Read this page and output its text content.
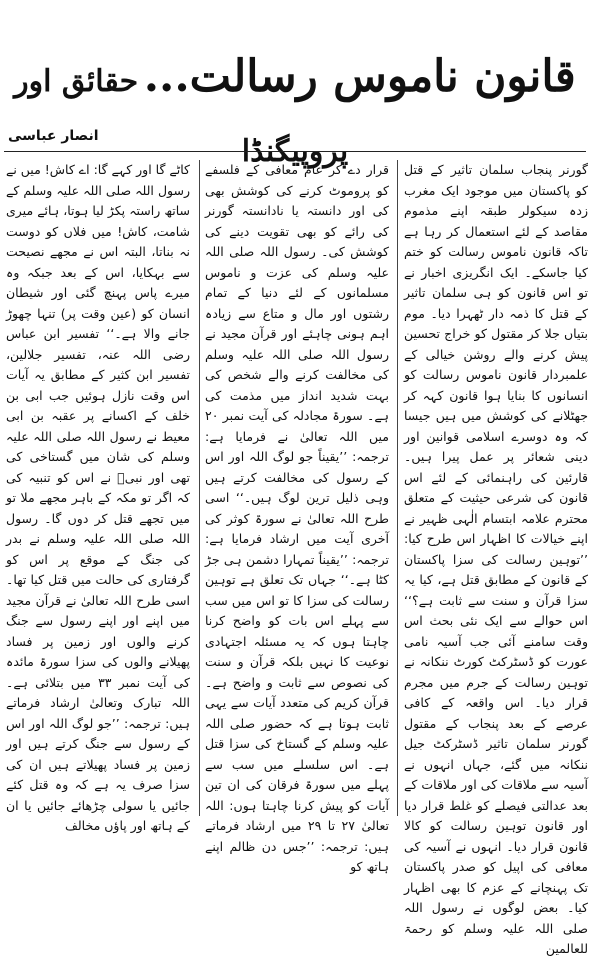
قانون ناموس رسالت... حقائق اور پروپیگنڈا
انصار عباسی

گورنر پنجاب سلمان تاثیر کے قتل کو پاکستان میں موجود ایک مغرب زدہ سیکولر طبقہ اپنے مذموم مقاصد کے لئے استعمال کر رہا ہے تاکہ قانون ناموس رسالت کو ختم کیا جاسکے۔ ایک انگریزی اخبار نے تو اس قانون کو ہی سلمان تاثیر کے قتل کا ذمہ دار ٹھہرا دیا۔ موم بتیاں جلا کر مقتول کو خراج تحسین پیش کرنے والے روشن خیالی کے علمبردار قانون ناموس رسالت کو انسانوں کا بنایا ہوا قانون کہہ کر جھٹلانے کی کوشش میں ہیں جیسا کہ وہ دوسرے اسلامی قوانین اور دینی شعائر پر عمل پیرا ہیں۔ قارئین کی راہنمائی کے لئے اس قانون کی شرعی حیثیت کے متعلق محترم علامہ ابتسام الٰہی ظہیر نے اپنے خیالات کا اظہار اس طرح کیا: ’’توہین رسالت کی سزا پاکستان کے قانون کے مطابق قتل ہے، کیا یہ سزا قرآن و سنت سے ثابت ہے؟‘‘ اس حوالے سے ایک نئی بحث اس وقت سامنے آئی جب آسیہ نامی عورت کو ڈسٹرکٹ کورٹ ننکانہ نے توہین رسالت کے جرم میں مجرم قرار دیا۔ اس واقعہ کے کافی عرصے کے بعد پنجاب کے مقتول گورنر سلمان تاثیر ڈسٹرکٹ جیل ننکانہ میں گئے، جہاں انہوں نے آسیہ سے ملاقات کی اور ملاقات کے بعد عدالتی فیصلے کو غلط قرار دیا اور قانون توہین رسالت کو کالا قانون قرار دیا۔ انہوں نے آسیہ کی معافی کی اپیل کو صدر پاکستان تک پہنچانے کے عزم کا بھی اظہار کیا۔ بعض لوگوں نے رسول اللہ صلی اللہ علیہ وسلم کو رحمۃ للعالمین

قرار دے کر عام معافی کے فلسفے کو پروموٹ کرنے کی کوشش بھی کی اور دانستہ یا نادانستہ گورنر کی رائے کو بھی تقویت دینے کی کوشش کی۔ رسول اللہ صلی اللہ علیہ وسلم کی عزت و ناموس مسلمانوں کے لئے دنیا کے تمام رشتوں اور مال و متاع سے زیادہ اہم ہونی چاہئے اور قرآن مجید نے رسول اللہ صلی اللہ علیہ وسلم کی مخالفت کرنے والے شخص کی بہت شدید انداز میں مذمت کی ہے۔ سورۃ مجادلہ کی آیت نمبر ۲۰ میں اللہ تعالیٰ نے فرمایا ہے: ترجمہ: ’’یقیناً جو لوگ اللہ اور اس کے رسول کی مخالفت کرتے ہیں وہی ذلیل ترین لوگ ہیں۔‘‘ اسی طرح اللہ تعالیٰ نے سورۃ کوثر کی آخری آیت میں ارشاد فرمایا ہے: ترجمہ: ’’یقیناً تمہارا دشمن ہی جڑ کٹا ہے۔‘‘ جہاں تک تعلق ہے توہین رسالت کی سزا کا تو اس میں سب سے پہلے اس بات کو واضح کرنا چاہتا ہوں کہ یہ مسئلہ اجتہادی نوعیت کا نہیں بلکہ قرآن و سنت کی نصوص سے ثابت و واضح ہے۔ قرآن کریم کی متعدد آیات سے یہی ثابت ہوتا ہے کہ حضور صلی اللہ علیہ وسلم کے گستاخ کی سزا قتل ہے۔ اس سلسلے میں سب سے پہلے میں سورۃ فرقان کی ان تین آیات کو پیش کرنا چاہتا ہوں: اللہ تعالیٰ ۲۷ تا ۲۹ میں ارشاد فرماتے ہیں: ترجمہ: ’’جس دن ظالم اپنے ہاتھ کو

کاٹے گا اور کہے گا: اے کاش! میں نے رسول اللہ صلی اللہ علیہ وسلم کے ساتھ راستہ پکڑ لیا ہوتا، ہائے میری شامت، کاش! میں فلاں کو دوست نہ بناتا، البتہ اس نے مجھے نصیحت سے بہکایا، اس کے بعد جبکہ وہ میرے پاس پہنچ گئی اور شیطان انسان کو (عین وقت پر) تنہا چھوڑ جانے والا ہے۔‘‘ تفسیر ابن عباس رضی اللہ عنہ، تفسیر جلالین، تفسیر ابن کثیر کے مطابق یہ آیات اس وقت نازل ہوئیں جب ابی بن خلف کے اکسانے پر عقبہ بن ابی معیط نے رسول اللہ صلی اللہ علیہ وسلم کی شان میں گستاخی کی تھی اور نبیؐ نے اس کو تنبیہ کی کہ اگر تو مکہ کے باہر مجھے ملا تو میں تجھے قتل کر دوں گا۔ رسول اللہ صلی اللہ علیہ وسلم نے بدر کی جنگ کے موقع پر اس کو گرفتاری کی حالت میں قتل کیا تھا۔ اسی طرح اللہ تعالیٰ نے قرآن مجید میں اپنے اور اپنے رسول سے جنگ کرنے والوں اور زمین پر فساد پھیلانے والوں کی سزا سورۃ مائدہ کی آیت نمبر ۳۳ میں بتلائی ہے۔ اللہ تبارک وتعالیٰ ارشاد فرماتے ہیں: ترجمہ: ’’جو لوگ اللہ اور اس کے رسول سے جنگ کرتے ہیں اور زمین پر فساد پھیلاتے ہیں ان کی سزا صرف یہ ہے کہ وہ قتل کئے جائیں یا سولی چڑھائے جائیں یا ان کے ہاتھ اور پاؤں مخالف
